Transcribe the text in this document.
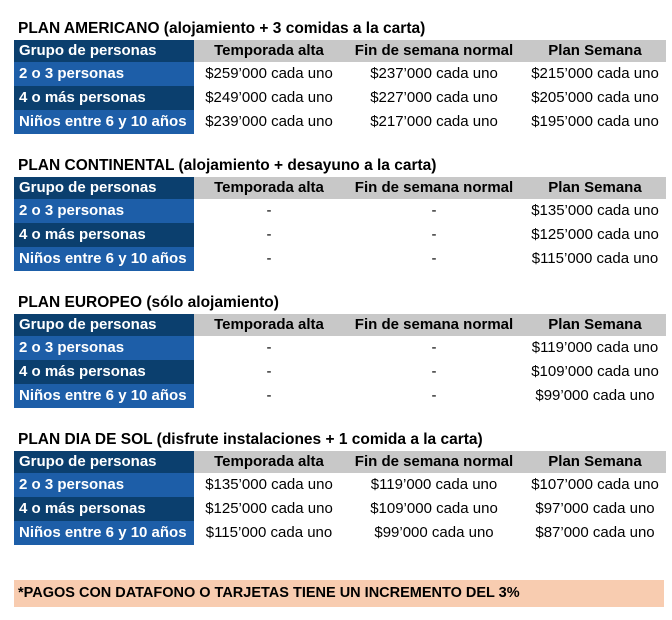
PLAN AMERICANO (alojamiento + 3 comidas a la carta)
Grupo de personas	Temporada alta	Fin de semana normal	Plan Semana
2 o 3 personas	$259’000 cada uno	$237’000 cada uno	$215’000 cada uno
4 o más personas	$249’000 cada uno	$227’000 cada uno	$205’000 cada uno
Niños entre 6 y 10 años	$239’000 cada uno	$217’000 cada uno	$195’000 cada uno
PLAN CONTINENTAL (alojamiento + desayuno a la carta)
Grupo de personas	Temporada alta	Fin de semana normal	Plan Semana
2 o 3 personas	-	-	$135’000 cada uno
4 o más personas	-	-	$125’000 cada uno
Niños entre 6 y 10 años	-	-	$115’000 cada uno
PLAN EUROPEO (sólo alojamiento)
Grupo de personas	Temporada alta	Fin de semana normal	Plan Semana
2 o 3 personas	-	-	$119’000 cada uno
4 o más personas	-	-	$109’000 cada uno
Niños entre 6 y 10 años	-	-	$99’000 cada uno
PLAN DIA DE SOL (disfrute instalaciones + 1 comida a la carta)
Grupo de personas	Temporada alta	Fin de semana normal	Plan Semana
2 o 3 personas	$135’000 cada uno	$119’000 cada uno	$107’000 cada uno
4 o más personas	$125’000 cada uno	$109’000 cada uno	$97’000 cada uno
Niños entre 6 y 10 años	$115’000 cada uno	$99’000 cada uno	$87’000 cada uno
*PAGOS CON DATAFONO O TARJETAS TIENE UN INCREMENTO DEL 3%
